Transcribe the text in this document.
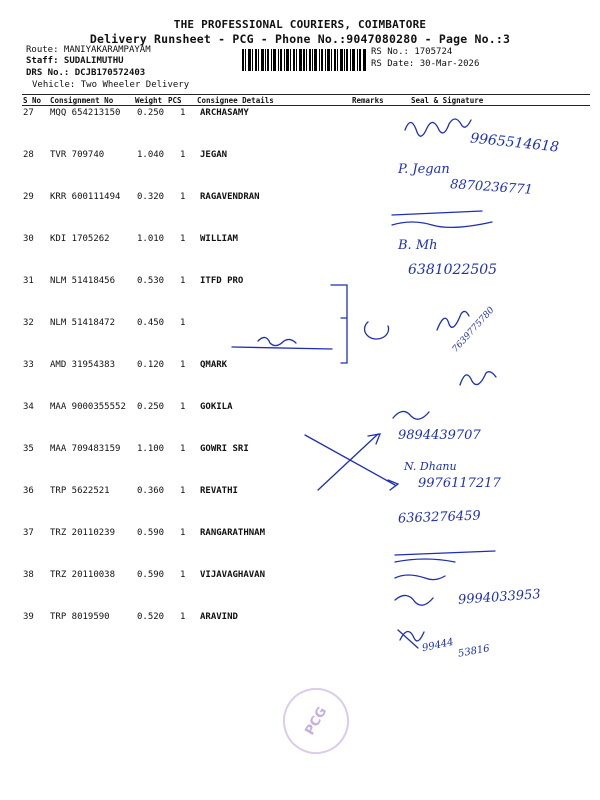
THE PROFESSIONAL COURIERS, COIMBATORE
Delivery Runsheet - PCG - Phone No.:9047080280 - Page No.:3
Route: MANIYAKARAMPAYAM
Staff: SUDALIMUTHU
DRS No.: DCJB170572403
Vehicle: Two Wheeler Delivery
RS No.: 1705724
RS Date: 30-Mar-2026
S No Consignment No	Weight PCS Consignee Details	Remarks	Seal & Signature
27 MQQ 654213150 0.250 1 ARCHASAMY
28 TVR 709740	1.040 1 JEGAN
29 KRR 600111494 0.320 1 RAGAVENDRAN
30 KDI 1705262	1.010 1 WILLIAM
31 NLM 51418456 0.530 1 ITFD PRO
32 NLM 51418472 0.450 1
33 AMD 31954383 0.120 1 QMARK
34 MAA 9000355552 0.250 1 GOKILA
35 MAA 709483159 1.100 1 GOWRI SRI
36 TRP 5622521	0.360 1 REVATHI
37 TRZ 20110239 0.590 1 RANGARATHNAM
38 TRZ 20110038 0.590 1 VIJAVAGHAVAN
39 TRP 8019590	0.520 1 ARAVIND
9965514618
P. Jegan
8870236771
B. Mh
6381022505
7639775780
9894439707
N. Dhanu
9976117217
6363276459
9994033953
99444 53816
PCG
